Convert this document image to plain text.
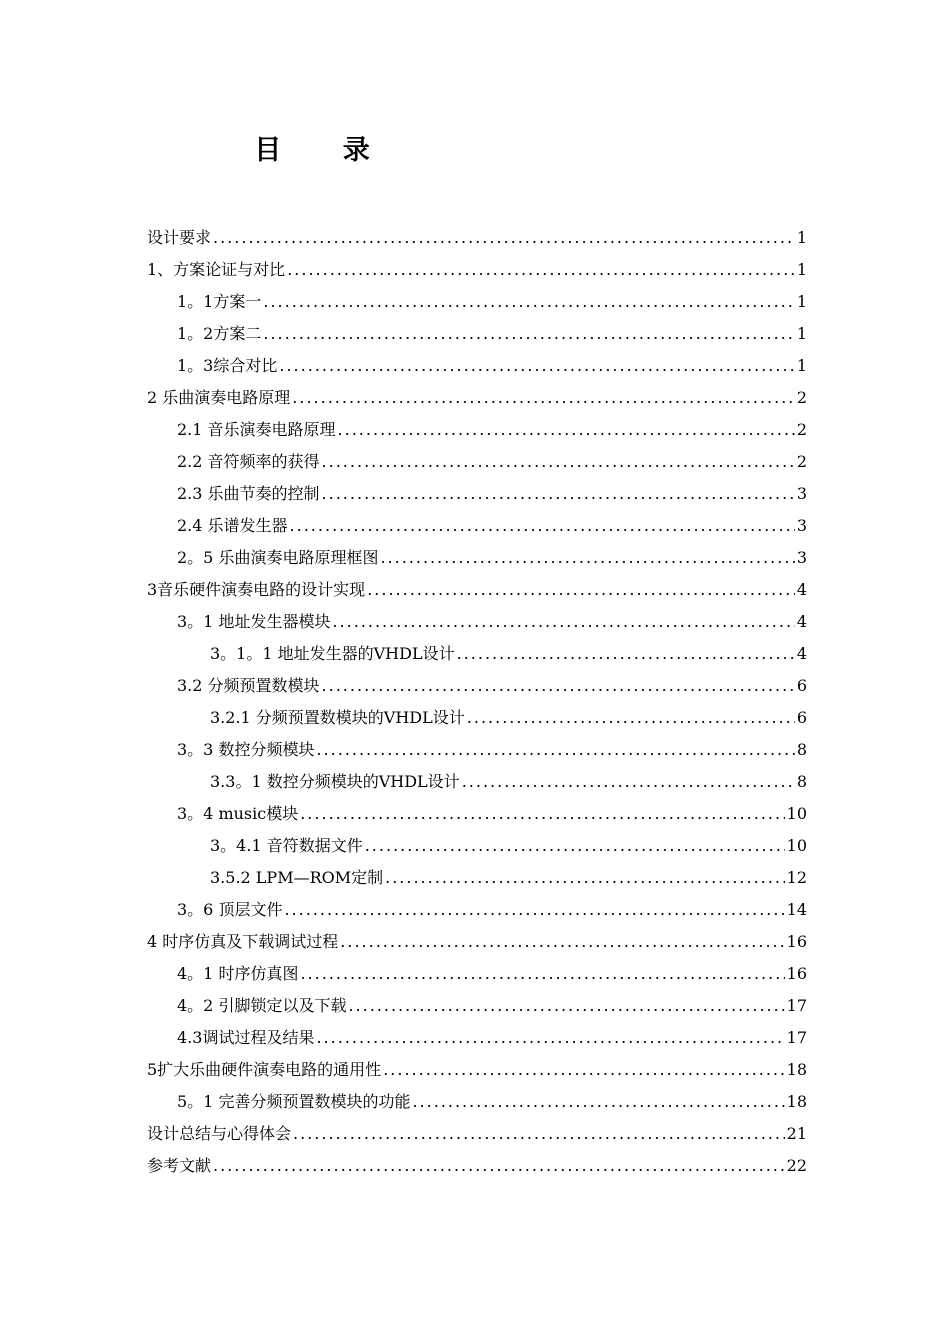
目 录
设计要求 .....	1
1、方案论证与对比 .....	1
1。1方案一 .....	1
1。2方案二 .....	1
1。3综合对比 .....	1
2 乐曲演奏电路原理 .....	2
2.1 音乐演奏电路原理 .....	2
2.2 音符频率的获得 .....	2
2.3 乐曲节奏的控制 .....	3
2.4 乐谱发生器 .....	3
2。5 乐曲演奏电路原理框图 .....	3
3音乐硬件演奏电路的设计实现 .....	4
3。1 地址发生器模块 .....	4
3。1。1 地址发生器的VHDL设计 .....	4
3.2 分频预置数模块 .....	6
3.2.1 分频预置数模块的VHDL设计 .....	6
3。3 数控分频模块 .....	8
3.3。1 数控分频模块的VHDL设计 .....	8
3。4 music模块 .....	10
3。4.1 音符数据文件 .....	10
3.5.2 LPM—ROM定制 .....	12
3。6 顶层文件 .....	14
4 时序仿真及下载调试过程 .....	16
4。1 时序仿真图 .....	16
4。2 引脚锁定以及下载 .....	17
4.3调试过程及结果 .....	17
5扩大乐曲硬件演奏电路的通用性 .....	18
5。1 完善分频预置数模块的功能 .....	18
设计总结与心得体会 .....	21
参考文献 .....	22
